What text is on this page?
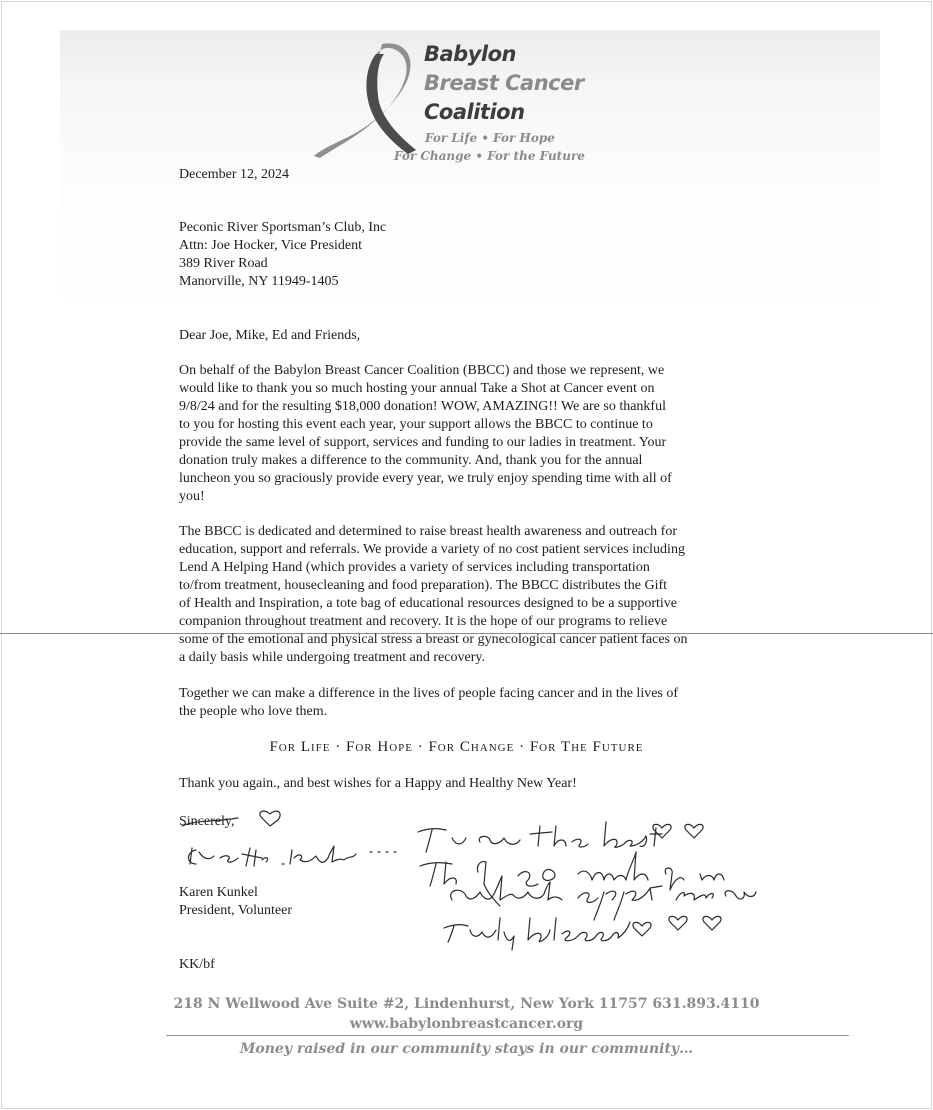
Babylon
Breast Cancer
Coalition
For Life • For Hope
For Change • For the Future

December 12, 2024

Peconic River Sportsman’s Club, Inc
Attn: Joe Hocker, Vice President
389 River Road
Manorville, NY 11949-1405

Dear Joe, Mike, Ed and Friends,

On behalf of the Babylon Breast Cancer Coalition (BBCC) and those we represent, we
would like to thank you so much hosting your annual Take a Shot at Cancer event on
9/8/24 and for the resulting $18,000 donation! WOW, AMAZING!! We are so thankful
to you for hosting this event each year, your support allows the BBCC to continue to
provide the same level of support, services and funding to our ladies in treatment. Your
donation truly makes a difference to the community. And, thank you for the annual
luncheon you so graciously provide every year, we truly enjoy spending time with all of
you!
The BBCC is dedicated and determined to raise breast health awareness and outreach for
education, support and referrals. We provide a variety of no cost patient services including
Lend A Helping Hand (which provides a variety of services including transportation
to/from treatment, housecleaning and food preparation). The BBCC distributes the Gift
of Health and Inspiration, a tote bag of educational resources designed to be a supportive
companion throughout treatment and recovery. It is the hope of our programs to relieve
some of the emotional and physical stress a breast or gynecological cancer patient faces on
a daily basis while undergoing treatment and recovery.
Together we can make a difference in the lives of people facing cancer and in the lives of
the people who love them.
For Life · For Hope · For Change · For The Future

Thank you again., and best wishes for a Happy and Healthy New Year!

Sincerely,

Karen Kunkel

President, Volunteer

KK/bf

218 N Wellwood Ave Suite #2, Lindenhurst, New York 11757 631.893.4110
www.babylonbreastcancer.org
Money raised in our community stays in our community…
